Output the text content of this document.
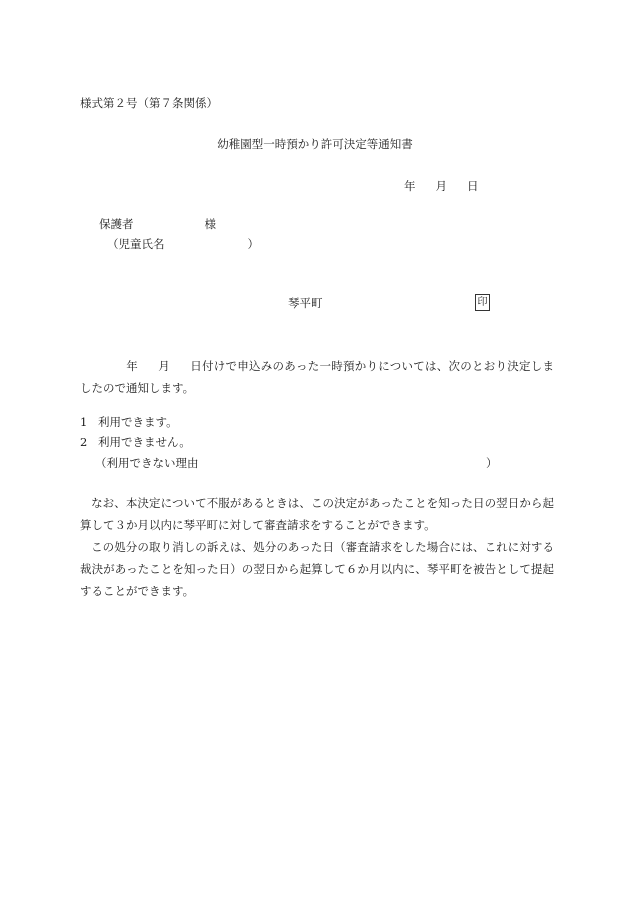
様式第２号（第７条関係）
幼稚園型一時預かり許可決定等通知書
年 月 日
保護者	様
（児童氏名	）
琴平町	印
年 月 日付けで申込みのあった一時預かりについては、次のとおり決定しましたので通知します。
1 利用できます。
2 利用できません。
（利用できない理由	）
なお、本決定について不服があるときは、この決定があったことを知った日の翌日から起算して３か月以内に琴平町に対して審査請求をすることができます。
この処分の取り消しの訴えは、処分のあった日（審査請求をした場合には、これに対する裁決があったことを知った日）の翌日から起算して６か月以内に、琴平町を被告として提起することができます。
